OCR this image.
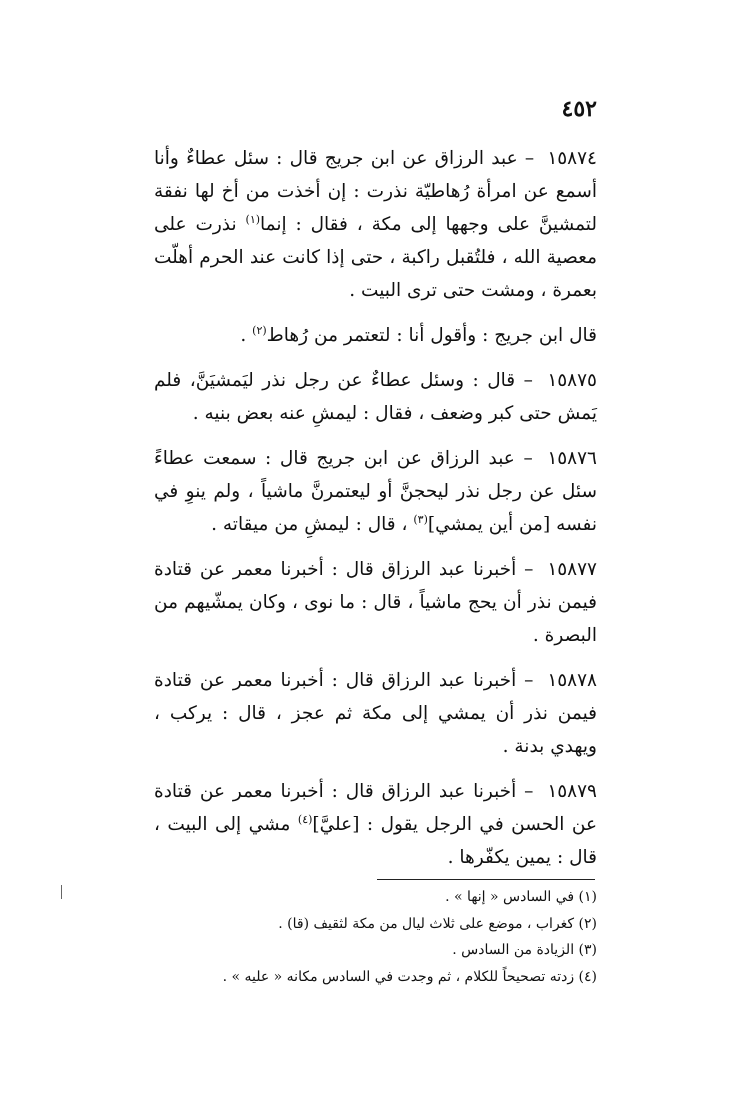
٤٥٢

١٥٨٧٤ – عبد الرزاق عن ابن جريج قال : سئل عطاءٌ وأنا أسمع عن امرأة رُهاطيّة نذرت : إن أخذت من أخ لها نفقة لتمشينَّ على وجهها إلى مكة ، فقال : إنما$^{(١)}$ نذرت على معصية الله ، فلتُقبل راكبة ، حتى إذا كانت عند الحرم أهلّت بعمرة ، ومشت حتى ترى البيت .

قال ابن جريج : وأقول أنا : لتعتمر من رُهاط$^{(٢)}$ .

١٥٨٧٥ – قال : وسئل عطاءٌ عن رجل نذر ليَمشيَنَّ، فلم يَمش حتى كبر وضعف ، فقال : ليمشِ عنه بعض بنيه .

١٥٨٧٦ – عبد الرزاق عن ابن جريج قال : سمعت عطاءً سئل عن رجل نذر ليحجنَّ أو ليعتمرنَّ ماشياً ، ولم ينوِ في نفسه [من أين يمشي]$^{(٣)}$ ، قال : ليمشِ من ميقاته .

١٥٨٧٧ – أخبرنا عبد الرزاق قال : أخبرنا معمر عن قتادة فيمن نذر أن يحج ماشياً ، قال : ما نوى ، وكان يمشّيهم من البصرة .

١٥٨٧٨ – أخبرنا عبد الرزاق قال : أخبرنا معمر عن قتادة فيمن نذر أن يمشي إلى مكة ثم عجز ، قال : يركب ، ويهدي بدنة .

١٥٨٧٩ – أخبرنا عبد الرزاق قال : أخبرنا معمر عن قتادة عن الحسن في الرجل يقول : [عليَّ]$^{(٤)}$ مشي إلى البيت ، قال : يمين يكفّرها .

(١) في السادس « إنها » .

(٢) كغراب ، موضع على ثلاث ليال من مكة لثقيف (قا) .

(٣) الزيادة من السادس .

(٤) زدته تصحيحاً للكلام ، ثم وجدت في السادس مكانه « عليه » .
